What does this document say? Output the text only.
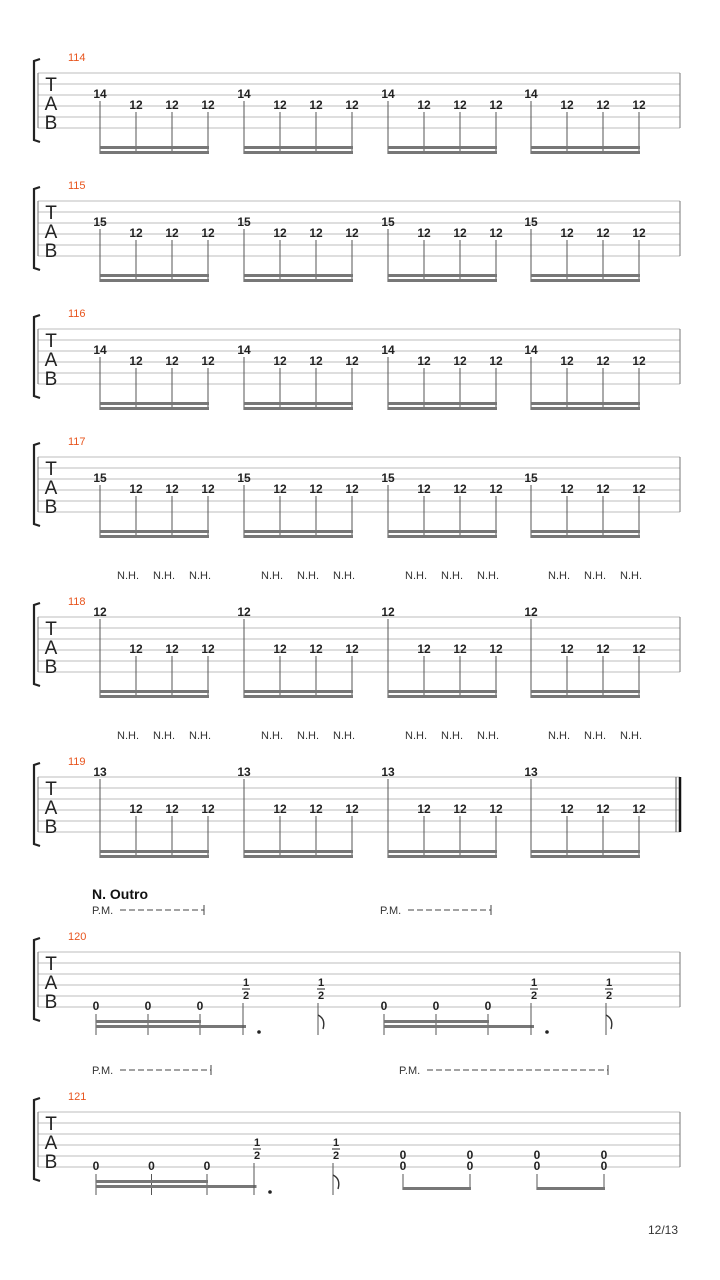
T
A
B
114
14
12 12 12
14
12 12 12
14
12 12 12
14
12 12 12
T
A
B
115
15
12 12 12
15
12 12 12
15
12 12 12
15
12 12 12
T
A
B
116
14
12 12 12
14
12 12 12
14
12 12 12
14
12 12 12
T
A
B
117
15
12 12 12
15
12 12 12
15
12 12 12
15
12 12 12
T
A
B
118
12
12
N.H.
12
N.H.
12
N.H.
12
12
N.H.
12
N.H.
12
N.H.
12
12
N.H.
12
N.H.
12
N.H.
12
12
N.H.
12
N.H.
12
N.H.
T
A
B
119
13
12
N.H.
12
N.H.
12
N.H.
13
12
N.H.
12
N.H.
12
N.H.
13
12
N.H.
12
N.H.
12
N.H.
13
12
N.H.
12
N.H.
12
N.H.
N. Outro
P.M.	P.M.
T
A
B
120
0	0	0
1
2
1
2
0	0	0
1
2
1
2
P.M.	P.M.
T
A
B
121
0	0	0
1
2
1
2	0
0
0
0
0
0
0
0
12/13
